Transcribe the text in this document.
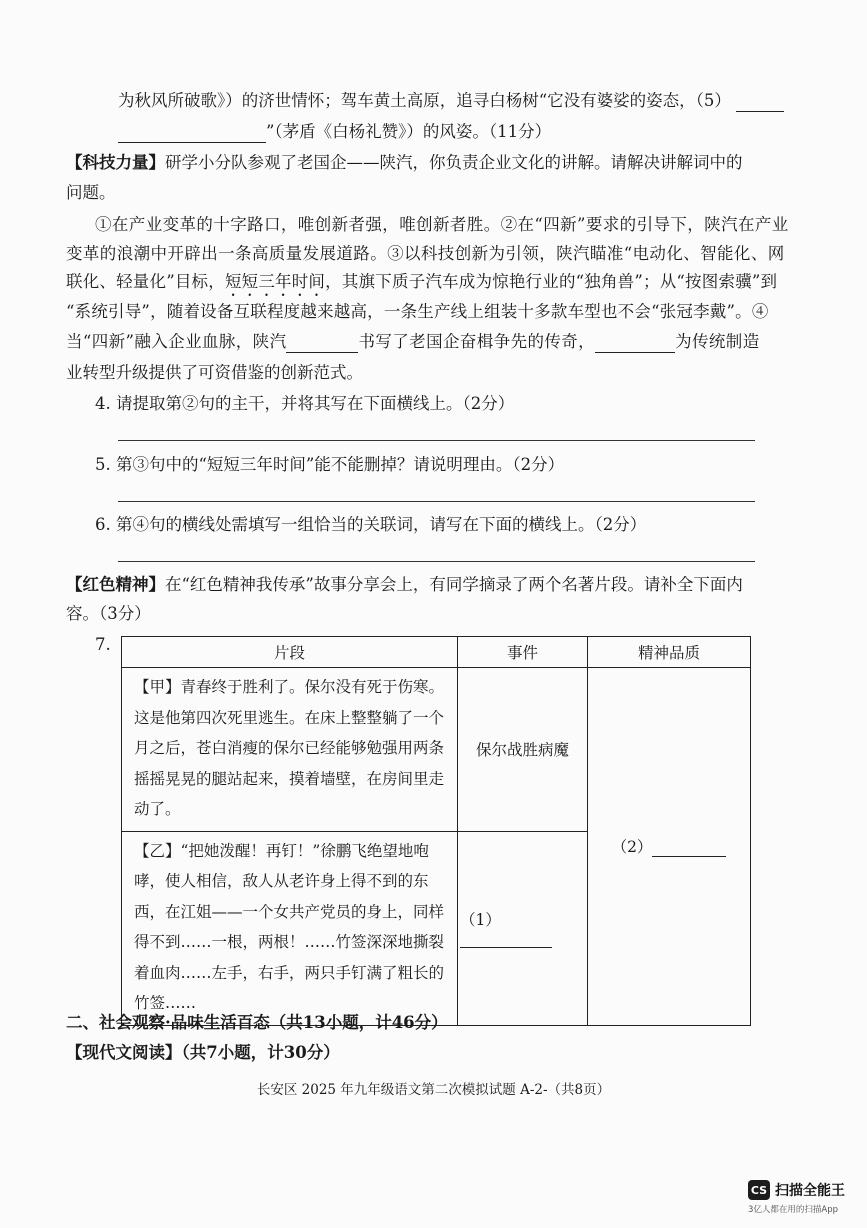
为秋风所破歌》）的济世情怀；驾车黄土高原，追寻白杨树“它没有婆娑的姿态，（5）
”（茅盾《白杨礼赞》）的风姿。（11分）
【科技力量】研学小分队参观了老国企——陕汽，你负责企业文化的讲解。请解决讲解词中的
问题。
①在产业变革的十字路口，唯创新者强，唯创新者胜。②在“四新”要求的引导下，陕汽在产业
变革的浪潮中开辟出一条高质量发展道路。③以科技创新为引领，陕汽瞄准“电动化、智能化、网
联化、轻量化”目标，短短三年时间，其旗下质子汽车成为惊艳行业的“独角兽”；从“按图索骥”到
“系统引导”，随着设备互联程度越来越高，一条生产线上组装十多款车型也不会“张冠李戴”。④
当“四新”融入企业血脉，陕汽	书写了老国企奋楫争先的传奇，	为传统制造
业转型升级提供了可资借鉴的创新范式。
4. 请提取第②句的主干，并将其写在下面横线上。（2分）
5. 第③句中的“短短三年时间”能不能删掉？请说明理由。（2分）
6. 第④句的横线处需填写一组恰当的关联词，请写在下面的横线上。（2分）
【红色精神】在“红色精神我传承”故事分享会上，有同学摘录了两个名著片段。请补全下面内
容。（3分）
7.	片段	事件	精神品质
【甲】青春终于胜利了。保尔没有死于伤寒。这是他第四次死里逃生。在床上整整躺了一个月之后，苍白消瘦的保尔已经能够勉强用两条摇摇晃晃的腿站起来，摸着墙壁，在房间里走动了。	保尔战胜病魔	（2）
【乙】“把她泼醒！再钉！”徐鹏飞绝望地咆哮，使人相信，敌人从老许身上得不到的东西，在江姐——一个女共产党员的身上，同样得不到……一根，两根！……竹签深深地撕裂着血肉……左手，右手，两只手钉满了粗长的竹签……	（1）	
二、社会观察·品味生活百态（共13小题，计46分）
【现代文阅读】（共7小题，计30分）
长安区 2025 年九年级语文第二次模拟试题 A-2-（共8页）
CS 扫描全能王
3亿人都在用的扫描App
